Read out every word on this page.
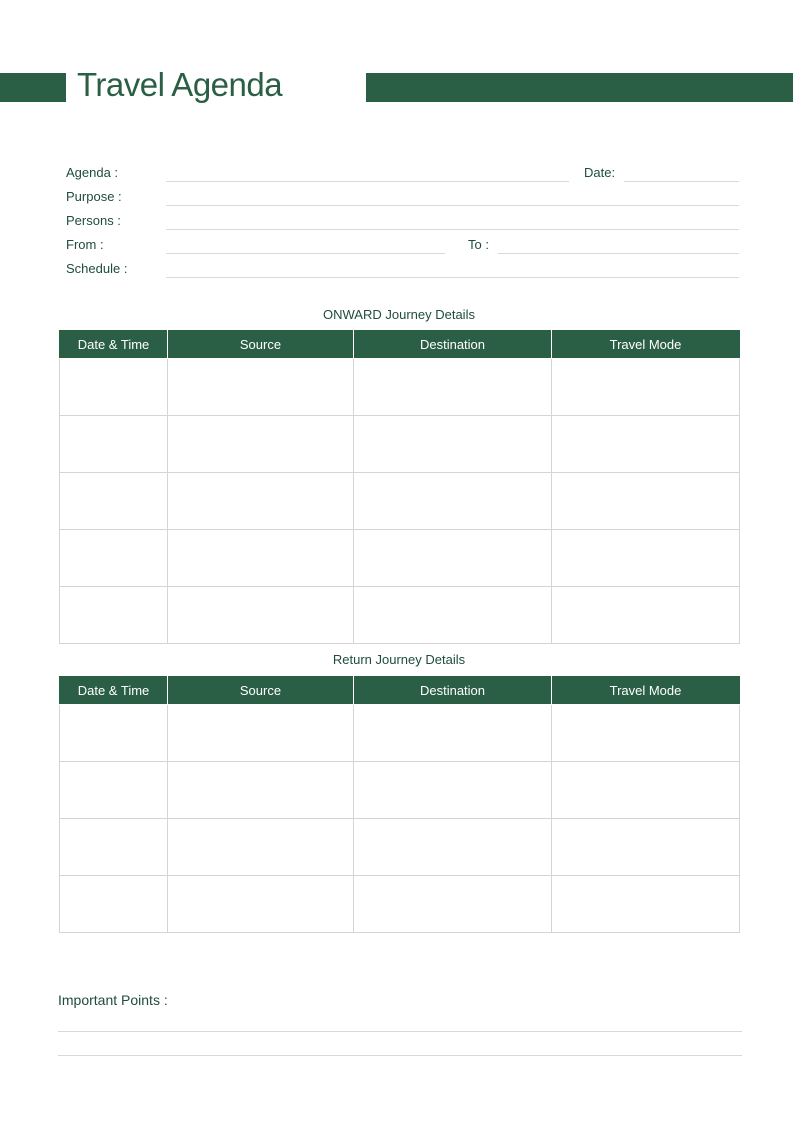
Travel Agenda
Agenda :	Date:
Purpose :
Persons :
From :	To :
Schedule :
ONWARD Journey Details
Date & Time	Source	Destination	Travel Mode

Return Journey Details
Date & Time	Source	Destination	Travel Mode

Important Points :
